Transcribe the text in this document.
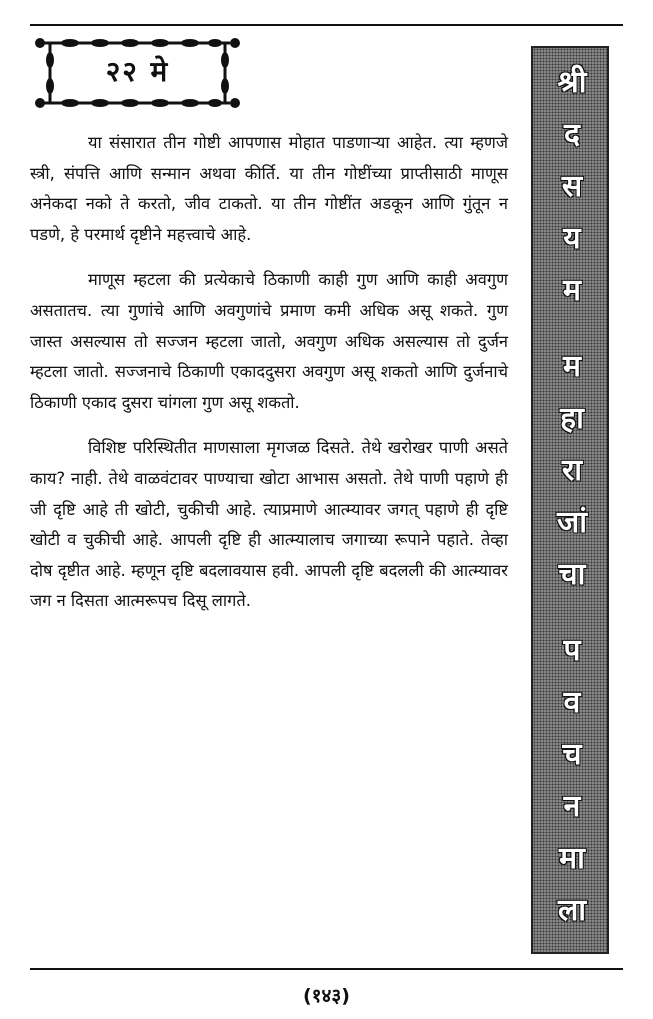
२२ मे

या संसारात तीन गोष्टी आपणास मोहात पाडणाऱ्या आहेत. त्या म्हणजे स्त्री, संपत्ति आणि सन्मान अथवा कीर्ति. या तीन गोष्टींच्या प्राप्तीसाठी माणूस अनेकदा नको ते करतो, जीव टाकतो. या तीन गोष्टींत अडकून आणि गुंतून न पडणे, हे परमार्थ दृष्टीने महत्त्वाचे आहे.

माणूस म्हटला की प्रत्येकाचे ठिकाणी काही गुण आणि काही अवगुण असतातच. त्या गुणांचे आणि अवगुणांचे प्रमाण कमी अधिक असू शकते. गुण जास्त असल्यास तो सज्जन म्हटला जातो, अवगुण अधिक असल्यास तो दुर्जन म्हटला जातो. सज्जनाचे ठिकाणी एकाददुसरा अवगुण असू शकतो आणि दुर्जनाचे ठिकाणी एकाद दुसरा चांगला गुण असू शकतो.

विशिष्ट परिस्थितीत माणसाला मृगजळ दिसते. तेथे खरोखर पाणी असते काय? नाही. तेथे वाळवंटावर पाण्याचा खोटा आभास असतो. तेथे पाणी पहाणे ही जी दृष्टि आहे ती खोटी, चुकीची आहे. त्याप्रमाणे आत्म्यावर जगत् पहाणे ही दृष्टि खोटी व चुकीची आहे. आपली दृष्टि ही आत्म्यालाच जगाच्या रूपाने पहाते. तेव्हा दोष दृष्टीत आहे. म्हणून दृष्टि बदलावयास हवी. आपली दृष्टि बदलली की आत्म्यावर जग न दिसता आत्मरूपच दिसू लागते.

श्री
द
स
य
म
म
हा
रा
जां
चा
प
व
च
न
मा
ला
(१४३)
